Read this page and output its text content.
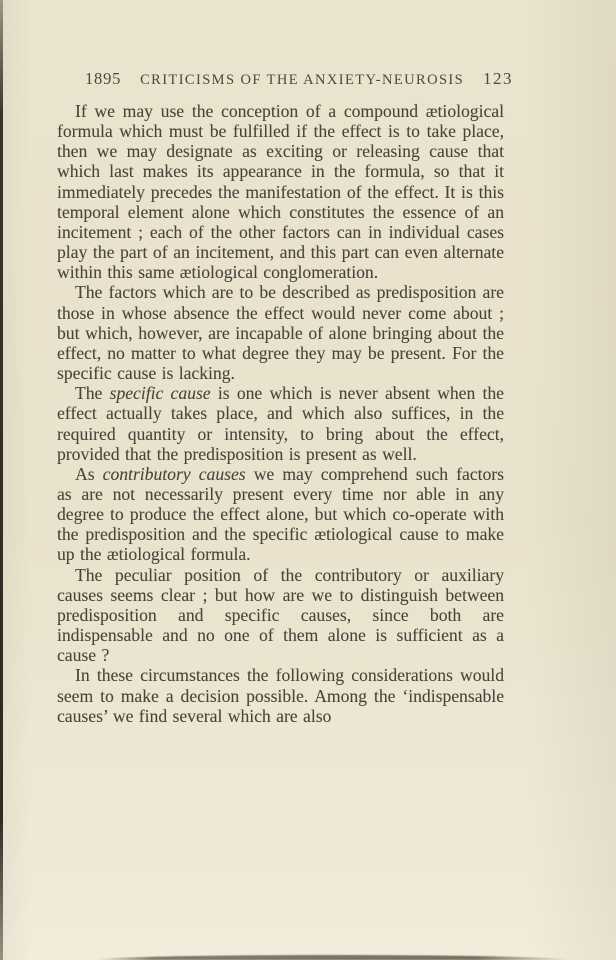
1895	CRITICISMS OF THE ANXIETY-NEUROSIS	123

If we may use the conception of a compound ætiological formula which must be fulfilled if the effect is to take place, then we may designate as exciting or releasing cause that which last makes its appearance in the formula, so that it immediately precedes the manifestation of the effect. It is this temporal element alone which constitutes the essence of an incitement ; each of the other factors can in individual cases play the part of an incitement, and this part can even alternate within this same ætiological conglomeration.

The factors which are to be described as predisposition are those in whose absence the effect would never come about ; but which, however, are incapable of alone bringing about the effect, no matter to what degree they may be present. For the specific cause is lacking.

The specific cause is one which is never absent when the effect actually takes place, and which also suffices, in the required quantity or intensity, to bring about the effect, provided that the predisposition is present as well.

As contributory causes we may comprehend such factors as are not necessarily present every time nor able in any degree to produce the effect alone, but which co-operate with the predisposition and the specific ætiological cause to make up the ætiological formula.

The peculiar position of the contributory or auxiliary causes seems clear ; but how are we to distinguish between predisposition and specific causes, since both are indispensable and no one of them alone is sufficient as a cause ?

In these circumstances the following considerations would seem to make a decision possible. Among the ‘indispensable causes’ we find several which are also
